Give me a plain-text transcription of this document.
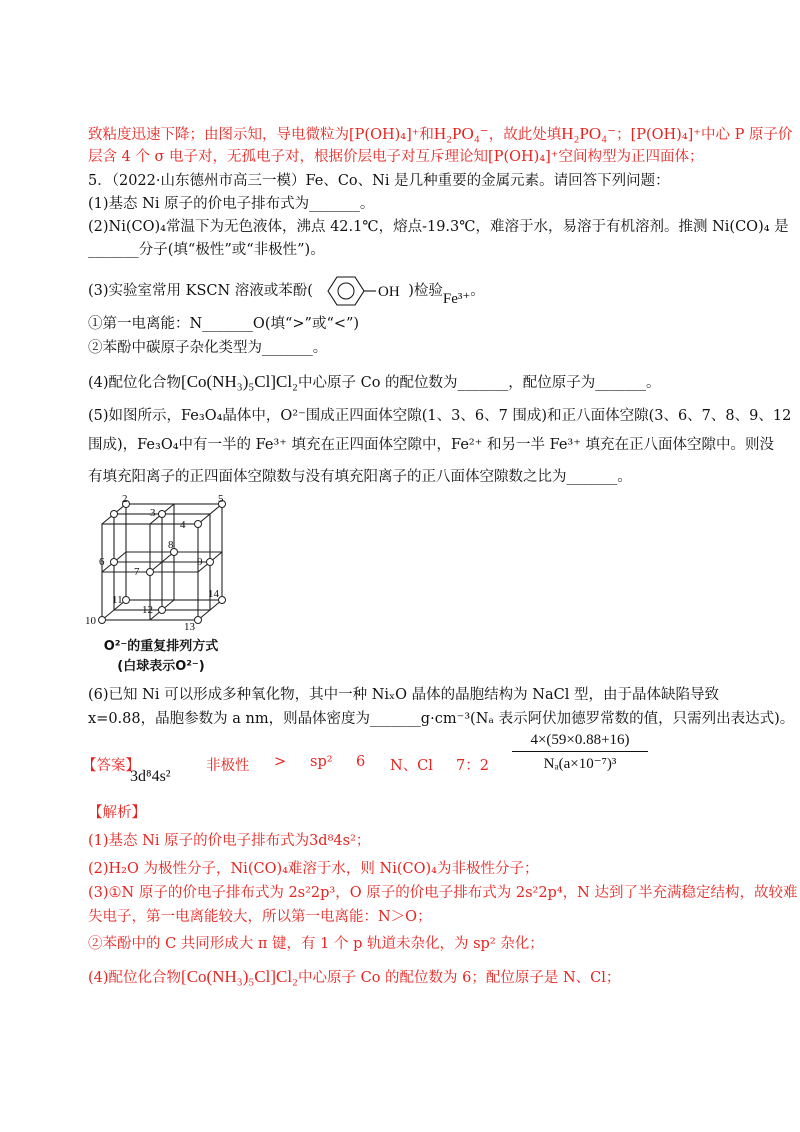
致粘度迅速下降；由图示知，导电微粒为[P(OH)₄]⁺和H₂PO₄⁻，故此处填H₂PO₄⁻；[P(OH)₄]⁺中心 P 原子价
层含 4 个 σ 电子对，无孤电子对，根据价层电子对互斥理论知[P(OH)₄]⁺空间构型为正四面体；
5．（2022·山东德州市高三一模）Fe、Co、Ni 是几种重要的金属元素。请回答下列问题：
(1)基态 Ni 原子的价电子排布式为_______。
(2)Ni(CO)₄常温下为无色液体，沸点 42.1℃，熔点-19.3℃，难溶于水，易溶于有机溶剂。推测 Ni(CO)₄ 是
_______分子(填“极性”或“非极性”)。
(3)实验室常用 KSCN 溶液或苯酚(	OH )检验Fe³⁺。
①第一电离能：N_______O(填“>”或“<”)
②苯酚中碳原子杂化类型为_______。
(4)配位化合物[Co(NH₃)₅Cl]Cl₂中心原子 Co 的配位数为_______，配位原子为_______。
(5)如图所示，Fe₃O₄晶体中，O²⁻围成正四面体空隙(1、3、6、7 围成)和正八面体空隙(3、6、7、8、9、12
围成)，Fe₃O₄中有一半的 Fe³⁺ 填充在正四面体空隙中，Fe²⁺ 和另一半 Fe³⁺ 填充在正八面体空隙中。则没
有填充阳离子的正四面体空隙数与没有填充阳离子的正八面体空隙数之比为_______。
2	5
3
4
6
7
8
9
11
12
10	13
14
O²⁻的重复排列方式
(白球表示O²⁻)
(6)已知 Ni 可以形成多种氧化物，其中一种 NiₓO 晶体的晶胞结构为 NaCl 型，由于晶体缺陷导致
x=0.88，晶胞参数为 a nm，则晶体密度为_______g·cm⁻³(Nₐ 表示阿伏加德罗常数的值，只需列出表达式)。
【答案】
3d⁸4s²
非极性 > sp² 6 N、Cl 7：$2 \frac{4\times(59\times 0.88+16)}{\text{Nₐ(a×10⁻⁷)³}}$
【解析】
(1)基态 Ni 原子的价电子排布式为3d⁸4s²；
(2)H₂O 为极性分子，Ni(CO)₄难溶于水，则 Ni(CO)₄为非极性分子；
(3)①N 原子的价电子排布式为 2s²2p³，O 原子的价电子排布式为 2s²2p⁴，N 达到了半充满稳定结构，故较难
失电子，第一电离能较大，所以第一电离能：N＞O；
②苯酚中的 C 共同形成大 π 键，有 1 个 p 轨道未杂化，为 sp² 杂化；
(4)配位化合物[Co(NH₃)₅Cl]Cl₂中心原子 Co 的配位数为 6；配位原子是 N、Cl；
